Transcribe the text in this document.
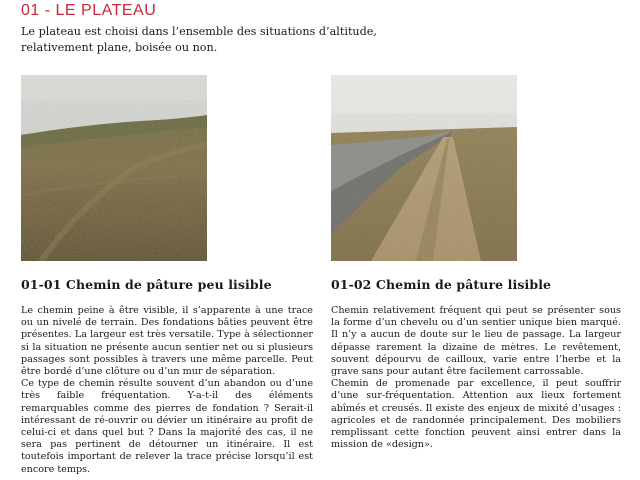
01 - LE PLATEAU

Le plateau est choisi dans l’ensemble des situations d’altitude, relativement plane, boisée ou non.

01-01 Chemin de pâture peu lisible	01-02 Chemin de pâture lisible

Le chemin peine à être visible, il s’apparente à une trace ou un nivelé de terrain. Des fondations bâties peuvent être présentes. La largeur est très versatile. Type à sélectionner si la situation ne présente aucun sentier net ou si plusieurs passages sont possibles à travers une même parcelle. Peut être bordé d’une clôture ou d’un mur de séparation.

Ce type de chemin résulte souvent d’un abandon ou d’une très faible fréquentation. Y-a-t-il des éléments remarquables comme des pierres de fondation ? Serait-il intéressant de ré-ouvrir ou dévier un itinéraire au profit de celui-ci et dans quel but ? Dans la majorité des cas, il ne sera pas pertinent de détourner un itinéraire. Il est toutefois important de relever la trace précise lorsqu’il est encore temps.

Chemin relativement fréquent qui peut se présenter sous la forme d’un chevelu ou d’un sentier unique bien marqué. Il n’y a aucun de doute sur le lieu de passage. La largeur dépasse rarement la dizaine de mètres. Le revêtement, souvent dépourvu de cailloux, varie entre l’herbe et la grave sans pour autant être facilement carrossable.

Chemin de promenade par excellence, il peut souffrir d’une sur-fréquentation. Attention aux lieux fortement abîmés et creusés. Il existe des enjeux de mixité d’usages : agricoles et de randonnée principalement. Des mobiliers remplissant cette fonction peuvent ainsi entrer dans la mission de «design».
